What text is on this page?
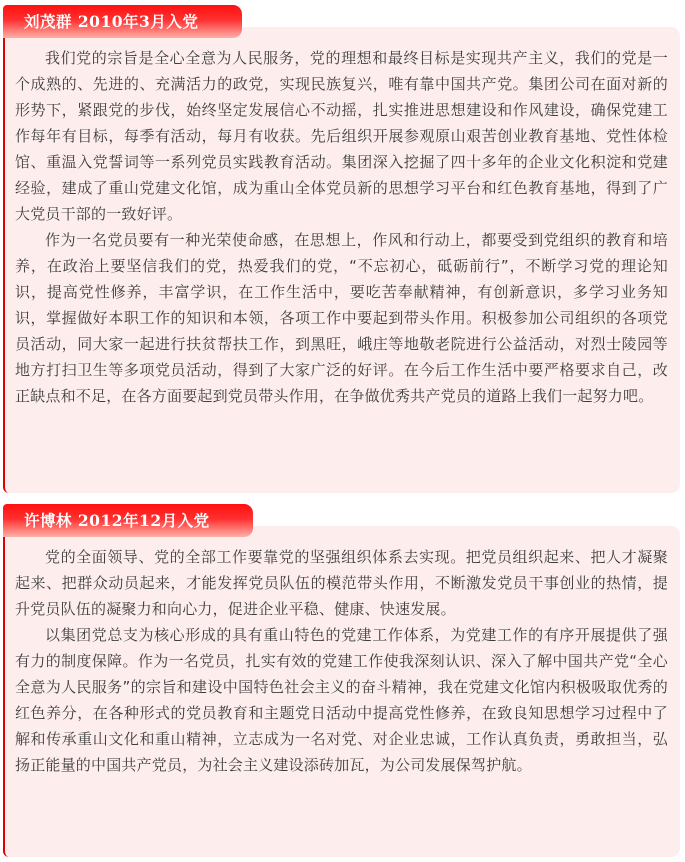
刘茂群 2010年3月入党

我们党的宗旨是全心全意为人民服务，党的理想和最终目标是实现共产主义，我们的党是一个成熟的、先进的、充满活力的政党，实现民族复兴，唯有靠中国共产党。集团公司在面对新的形势下，紧跟党的步伐，始终坚定发展信心不动摇，扎实推进思想建设和作风建设，确保党建工作每年有目标，每季有活动，每月有收获。先后组织开展参观原山艰苦创业教育基地、党性体检馆、重温入党誓词等一系列党员实践教育活动。集团深入挖掘了四十多年的企业文化积淀和党建经验，建成了重山党建文化馆，成为重山全体党员新的思想学习平台和红色教育基地，得到了广大党员干部的一致好评。

作为一名党员要有一种光荣使命感，在思想上，作风和行动上，都要受到党组织的教育和培养，在政治上要坚信我们的党，热爱我们的党，“不忘初心，砥砺前行”，不断学习党的理论知识，提高党性修养，丰富学识，在工作生活中，要吃苦奉献精神，有创新意识，多学习业务知识，掌握做好本职工作的知识和本领，各项工作中要起到带头作用。积极参加公司组织的各项党员活动，同大家一起进行扶贫帮扶工作，到黑旺，峨庄等地敬老院进行公益活动，对烈士陵园等地方打扫卫生等多项党员活动，得到了大家广泛的好评。在今后工作生活中要严格要求自己，改正缺点和不足，在各方面要起到党员带头作用，在争做优秀共产党员的道路上我们一起努力吧。

许博林 2012年12月入党

党的全面领导、党的全部工作要靠党的坚强组织体系去实现。把党员组织起来、把人才凝聚起来、把群众动员起来，才能发挥党员队伍的模范带头作用，不断激发党员干事创业的热情，提升党员队伍的凝聚力和向心力，促进企业平稳、健康、快速发展。

以集团党总支为核心形成的具有重山特色的党建工作体系，为党建工作的有序开展提供了强有力的制度保障。作为一名党员，扎实有效的党建工作使我深刻认识、深入了解中国共产党“全心全意为人民服务”的宗旨和建设中国特色社会主义的奋斗精神，我在党建文化馆内积极吸取优秀的红色养分，在各种形式的党员教育和主题党日活动中提高党性修养，在致良知思想学习过程中了解和传承重山文化和重山精神，立志成为一名对党、对企业忠诚，工作认真负责，勇敢担当，弘扬正能量的中国共产党员，为社会主义建设添砖加瓦，为公司发展保驾护航。
